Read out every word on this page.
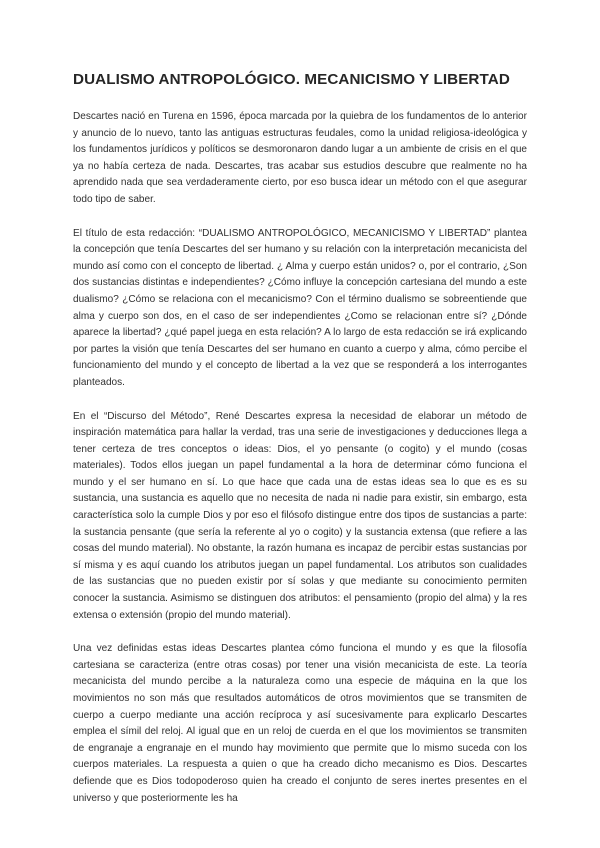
DUALISMO ANTROPOLÓGICO. MECANICISMO Y LIBERTAD

Descartes nació en Turena en 1596, época marcada por la quiebra de los fundamentos de lo anterior y anuncio de lo nuevo, tanto las antiguas estructuras feudales, como la unidad religiosa-ideológica y los fundamentos jurídicos y políticos se desmoronaron dando lugar a un ambiente de crisis en el que ya no había certeza de nada. Descartes, tras acabar sus estudios descubre que realmente no ha aprendido nada que sea verdaderamente cierto, por eso busca idear un método con el que asegurar todo tipo de saber.

El título de esta redacción: “DUALISMO ANTROPOLÓGICO, MECANICISMO Y LIBERTAD” plantea la concepción que tenía Descartes del ser humano y su relación con la interpretación mecanicista del mundo así como con el concepto de libertad. ¿ Alma y cuerpo están unidos? o, por el contrario, ¿Son dos sustancias distintas e independientes? ¿Cómo influye la concepción cartesiana del mundo a este dualismo? ¿Cómo se relaciona con el mecanicismo? Con el término dualismo se sobreentiende que alma y cuerpo son dos, en el caso de ser independientes ¿Como se relacionan entre sí? ¿Dónde aparece la libertad? ¿qué papel juega en esta relación? A lo largo de esta redacción se irá explicando por partes la visión que tenía Descartes del ser humano en cuanto a cuerpo y alma, cómo percibe el funcionamiento del mundo y el concepto de libertad a la vez que se responderá a los interrogantes planteados.

En el “Discurso del Método”, René Descartes expresa la necesidad de elaborar un método de inspiración matemática para hallar la verdad, tras una serie de investigaciones y deducciones llega a tener certeza de tres conceptos o ideas: Dios, el yo pensante (o cogito) y el mundo (cosas materiales). Todos ellos juegan un papel fundamental a la hora de determinar cómo funciona el mundo y el ser humano en sí. Lo que hace que cada una de estas ideas sea lo que es es su sustancia, una sustancia es aquello que no necesita de nada ni nadie para existir, sin embargo, esta característica solo la cumple Dios y por eso el filósofo distingue entre dos tipos de sustancias a parte: la sustancia pensante (que sería la referente al yo o cogito) y la sustancia extensa (que refiere a las cosas del mundo material). No obstante, la razón humana es incapaz de percibir estas sustancias por sí misma y es aquí cuando los atributos juegan un papel fundamental. Los atributos son cualidades de las sustancias que no pueden existir por sí solas y que mediante su conocimiento permiten conocer la sustancia. Asimismo se distinguen dos atributos: el pensamiento (propio del alma) y la res extensa o extensión (propio del mundo material).

Una vez definidas estas ideas Descartes plantea cómo funciona el mundo y es que la filosofía cartesiana se caracteriza (entre otras cosas) por tener una visión mecanicista de este. La teoría mecanicista del mundo percibe a la naturaleza como una especie de máquina en la que los movimientos no son más que resultados automáticos de otros movimientos que se transmiten de cuerpo a cuerpo mediante una acción recíproca y así sucesivamente para explicarlo Descartes emplea el símil del reloj. Al igual que en un reloj de cuerda en el que los movimientos se transmiten de engranaje a engranaje en el mundo hay movimiento que permite que lo mismo suceda con los cuerpos materiales. La respuesta a quien o que ha creado dicho mecanismo es Dios. Descartes defiende que es Dios todopoderoso quien ha creado el conjunto de seres inertes presentes en el universo y que posteriormente les ha
